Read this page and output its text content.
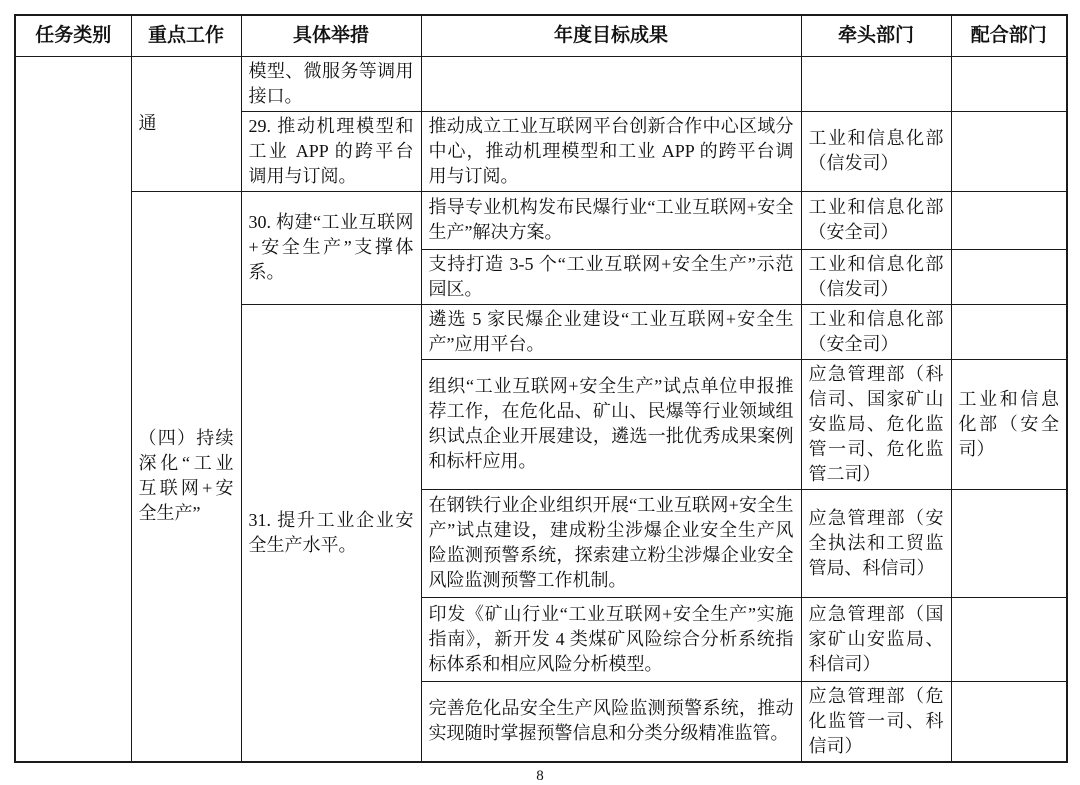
任务类别	重点工作	具体举措	年度目标成果	牵头部门	配合部门
	通	模型、微服务等调用接口。			
		29. 推动机理模型和工业 APP 的跨平台调用与订阅。	推动成立工业互联网平台创新合作中心区域分中心，推动机理模型和工业 APP 的跨平台调用与订阅。	工业和信息化部（信发司）	
	（四）持续深化“工业互联网+安全生产”	30. 构建“工业互联网+安全生产”支撑体系。	指导专业机构发布民爆行业“工业互联网+安全生产”解决方案。	工业和信息化部（安全司）	
			支持打造 3-5 个“工业互联网+安全生产”示范园区。	工业和信息化部（信发司）	
		31. 提升工业企业安全生产水平。	遴选 5 家民爆企业建设“工业互联网+安全生产”应用平台。	工业和信息化部（安全司）	
			组织“工业互联网+安全生产”试点单位申报推荐工作，在危化品、矿山、民爆等行业领域组织试点企业开展建设，遴选一批优秀成果案例和标杆应用。	应急管理部（科信司、国家矿山安监局、危化监管一司、危化监管二司）	工业和信息化部（安全司）
			在钢铁行业企业组织开展“工业互联网+安全生产”试点建设，建成粉尘涉爆企业安全生产风险监测预警系统，探索建立粉尘涉爆企业安全风险监测预警工作机制。	应急管理部（安全执法和工贸监管局、科信司）	
			印发《矿山行业“工业互联网+安全生产”实施指南》，新开发 4 类煤矿风险综合分析系统指标体系和相应风险分析模型。	应急管理部（国家矿山安监局、科信司）	
			完善危化品安全生产风险监测预警系统，推动实现随时掌握预警信息和分类分级精准监管。	应急管理部（危化监管一司、科信司）	
8
